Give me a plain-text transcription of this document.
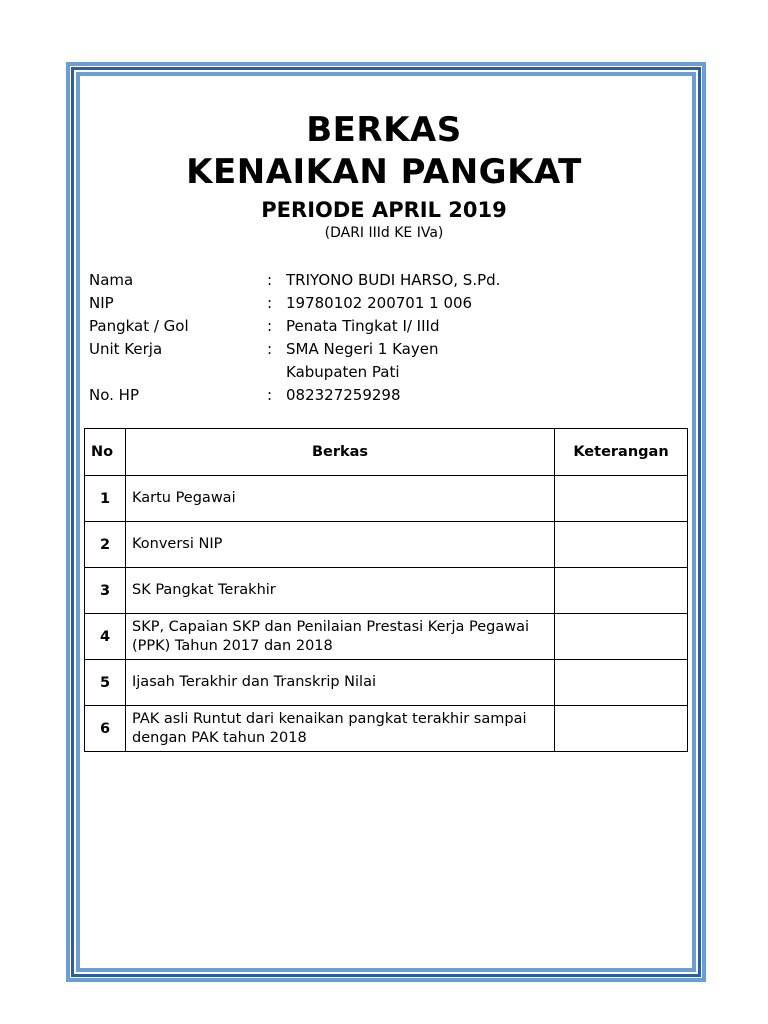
BERKAS
KENAIKAN PANGKAT
PERIODE APRIL 2019
(DARI IIId KE IVa)
Nama	: TRIYONO BUDI HARSO, S.Pd.
NIP	: 19780102 200701 1 006
Pangkat / Gol	: Penata Tingkat I/ IIId
Unit Kerja	: SMA Negeri 1 Kayen
Kabupaten Pati
No. HP	: 082327259298
No	Berkas	Keterangan
1	Kartu Pegawai	
2	Konversi NIP	
3	SK Pangkat Terakhir	
4	SKP, Capaian SKP dan Penilaian Prestasi Kerja Pegawai (PPK) Tahun 2017 dan 2018	
5	Ijasah Terakhir dan Transkrip Nilai	
6	PAK asli Runtut dari kenaikan pangkat terakhir sampai dengan PAK tahun 2018	
